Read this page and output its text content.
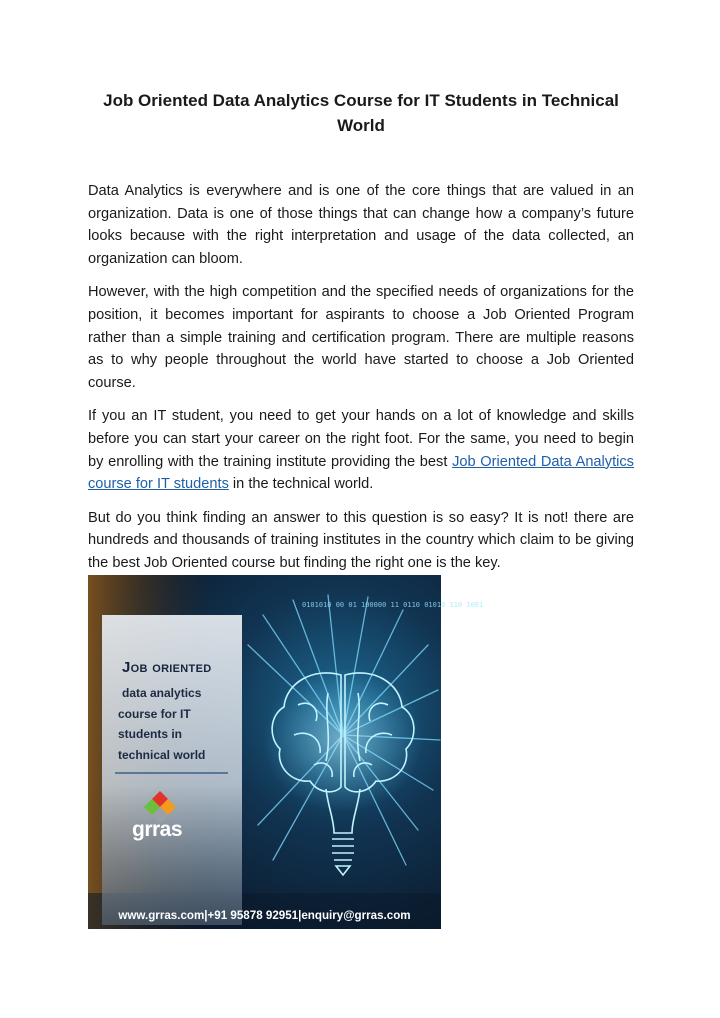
Job Oriented Data Analytics Course for IT Students in Technical World

Data Analytics is everywhere and is one of the core things that are valued in an organization. Data is one of those things that can change how a company’s future looks because with the right interpretation and usage of the data collected, an organization can bloom.

However, with the high competition and the specified needs of organizations for the position, it becomes important for aspirants to choose a Job Oriented Program rather than a simple training and certification program. There are multiple reasons as to why people throughout the world have started to choose a Job Oriented course.

If you an IT student, you need to get your hands on a lot of knowledge and skills before you can start your career on the right foot. For the same, you need to begin by enrolling with the training institute providing the best Job Oriented Data Analytics course for IT students in the technical world.

But do you think finding an answer to this question is so easy? It is not! there are hundreds and thousands of training institutes in the country which claim to be giving the best Job Oriented course but finding the right one is the key.

0101010 00 01 100000 11 0110 01010 110 1001
Job oriented
data analytics
course for IT
students in
technical world
grras
www.grras.com|+91 95878 92951|enquiry@grras.com
